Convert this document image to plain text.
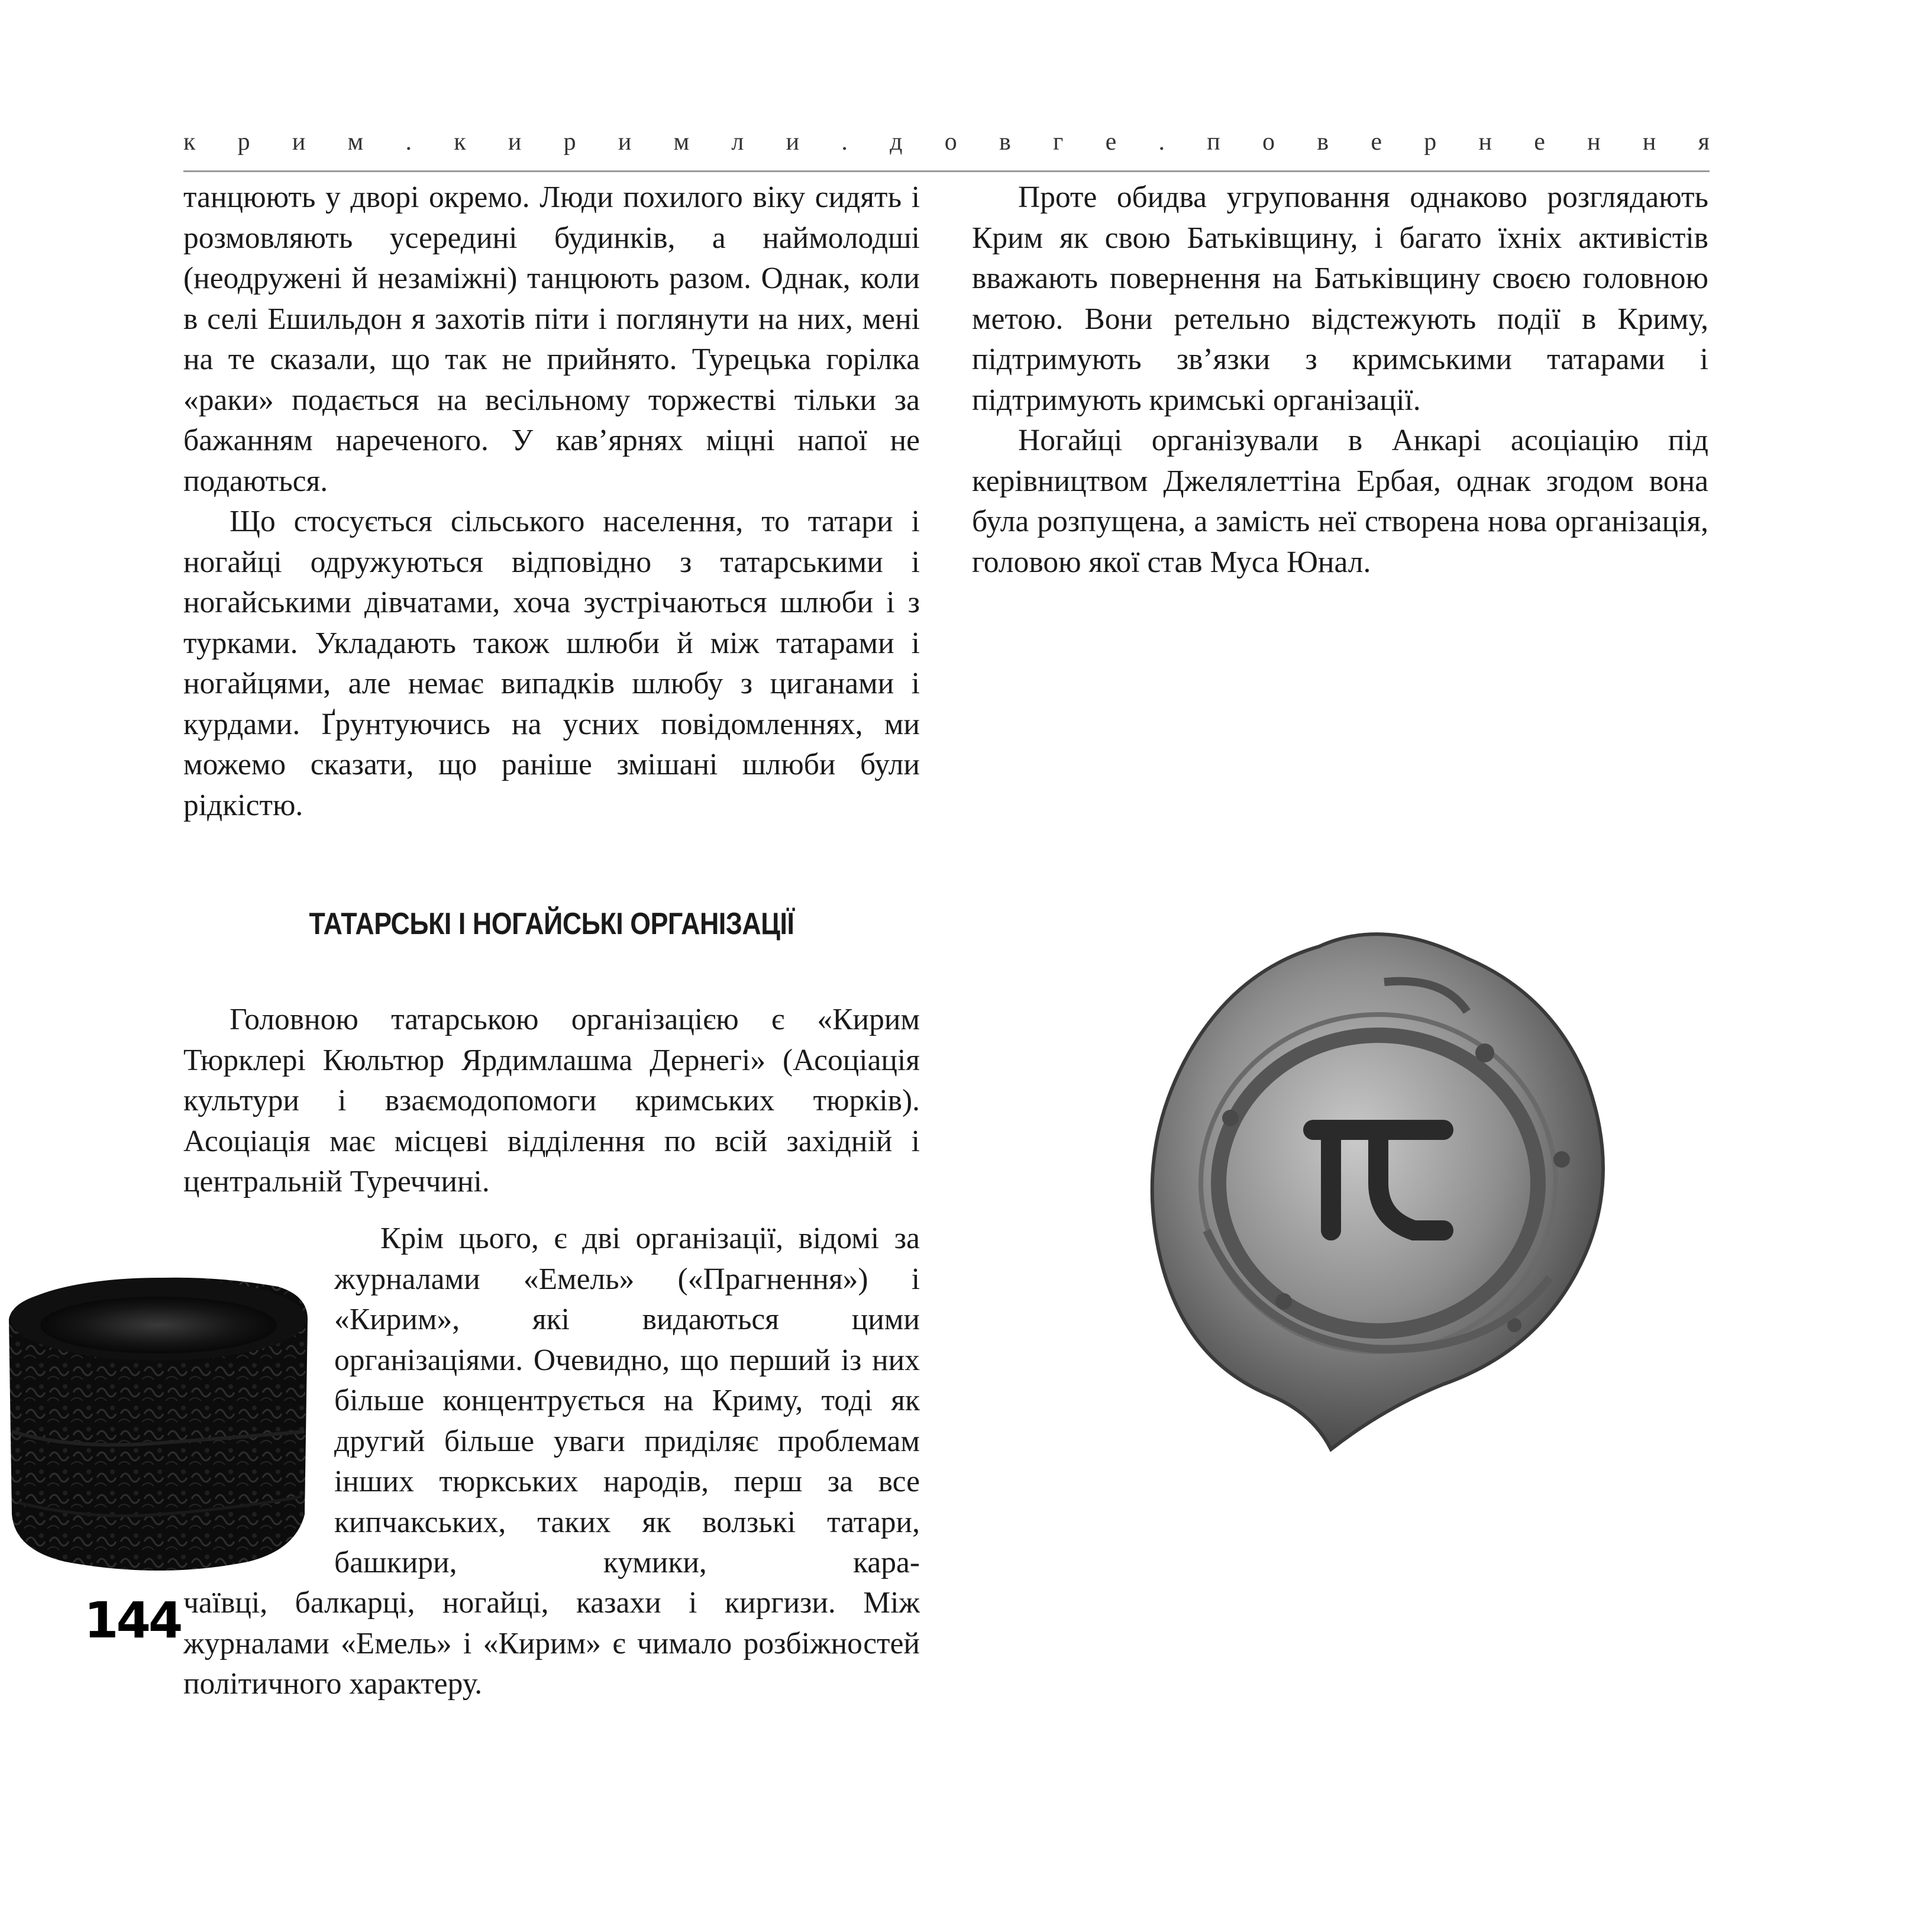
к р и м . к и р и м л и . д о в г е . п о в е р н е н н я

танцюють у дворі окремо. Люди похилого віку сидять і розмовляють усередині будинків, а наймолодші (неодружені й незаміжні) танцюють разом. Однак, коли в селі Ешильдон я захотів піти і поглянути на них, мені на те сказали, що так не прийнято. Турецька горілка «раки» подається на весільному торжестві тільки за бажанням нареченого. У кав’ярнях міцні напої не подаються.

Що стосується сільського населення, то татари і ногайці одружуються відповідно з татарськими і ногайськими дівчатами, хоча зустрічаються шлюби і з турками. Укладають також шлюби й між татарами і ногайцями, але немає випадків шлюбу з циганами і курдами. Ґрунтуючись на усних повідомленнях, ми можемо сказати, що раніше змішані шлюби були рідкістю.

ТАТАРСЬКІ І НОГАЙСЬКІ ОРГАНІЗАЦІЇ

Головною татарською організацією є «Кирим Тюрклері Кюльтюр Ярдимлашма Дернегі» (Асоціація культури і взаємодопомоги кримських тюрків). Асоціація має місцеві відділення по всій західній і центральній Туреччині.

Крім цього, є дві організації, відомі за журналами «Емель» («Прагнення») і «Кирим», які видаються цими організаціями. Очевидно, що перший із них більше концентрується на Криму, тоді як другий більше уваги приділяє проблемам інших тюркських народів, перш за все кипчакських, таких як волзькі татари, башкири, кумики, кара-

чаївці, балкарці, ногайці, казахи і киргизи. Між журналами «Емель» і «Кирим» є чимало розбіжностей політичного характеру.

Проте обидва угруповання однаково розглядають Крим як свою Батьківщину, і багато їхніх активістів вважають повернення на Батьківщину своєю головною метою. Вони ретельно відстежують події в Криму, підтримують зв’язки з кримськими татарами і підтримують кримські організації.

Ногайці організували в Анкарі асоціацію під керівництвом Джелялеттіна Ербая, однак згодом вона була розпущена, а замість неї створена нова організація, головою якої став Муса Юнал.

144
